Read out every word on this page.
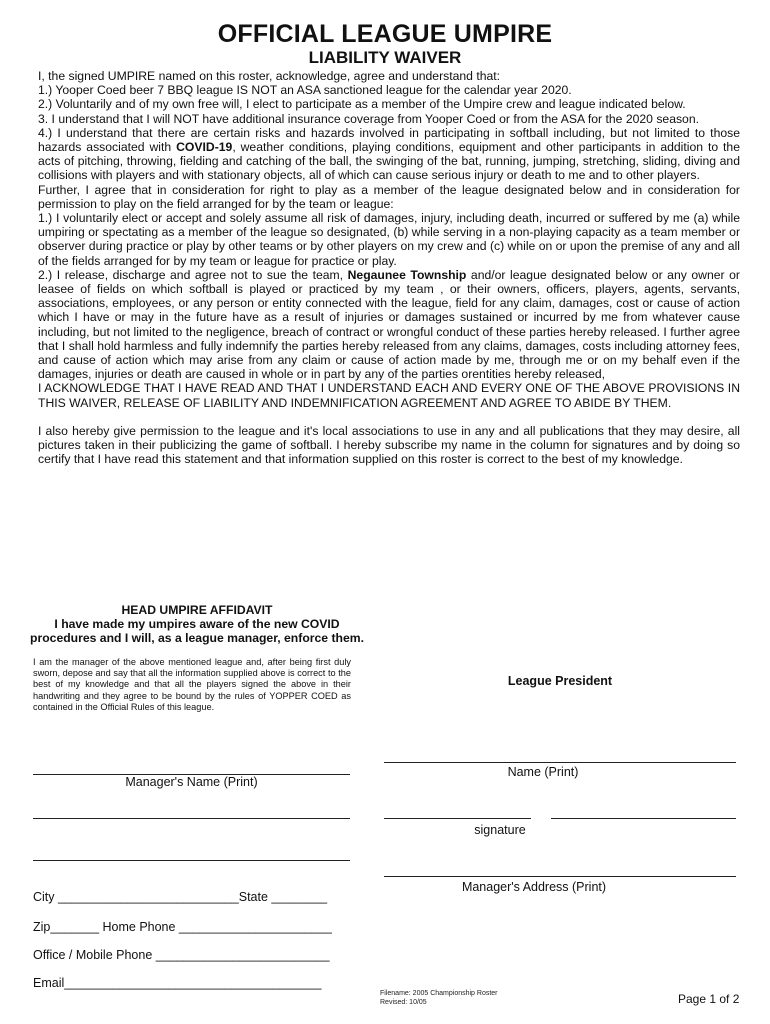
OFFICIAL LEAGUE UMPIRE
LIABILITY WAIVER

I, the signed UMPIRE named on this roster, acknowledge, agree and understand that:

1.) Yooper Coed beer 7 BBQ league IS NOT an ASA sanctioned league for the calendar year 2020.

2.) Voluntarily and of my own free will, I elect to participate as a member of the Umpire crew and league indicated below.

3. I understand that I will NOT have additional insurance coverage from Yooper Coed or from the ASA for the 2020 season.

4.) I understand that there are certain risks and hazards involved in participating in softball including, but not limited to those hazards associated with COVID-19, weather conditions, playing conditions, equipment and other participants in addition to the acts of pitching, throwing, fielding and catching of the ball, the swinging of the bat, running, jumping, stretching, sliding, diving and collisions with players and with stationary objects, all of which can cause serious injury or death to me and to other players.

Further, I agree that in consideration for right to play as a member of the league designated below and in consideration for permission to play on the field arranged for by the team or league:

1.) I voluntarily elect or accept and solely assume all risk of damages, injury, including death, incurred or suffered by me (a) while umpiring or spectating as a member of the league so designated, (b) while serving in a non-playing capacity as a team member or observer during practice or play by other teams or by other players on my crew and (c) while on or upon the premise of any and all of the fields arranged for by my team or league for practice or play.

2.) I release, discharge and agree not to sue the team, Negaunee Township and/or league designated below or any owner or leasee of fields on which softball is played or practiced by my team , or their owners, officers, players, agents, servants, associations, employees, or any person or entity connected with the league, field for any claim, damages, cost or cause of action which I have or may in the future have as a result of injuries or damages sustained or incurred by me from whatever cause including, but not limited to the negligence, breach of contract or wrongful conduct of these parties hereby released. I further agree that I shall hold harmless and fully indemnify the parties hereby released from any claims, damages, costs including attorney fees, and cause of action which may arise from any claim or cause of action made by me, through me or on my behalf even if the damages, injuries or death are caused in whole or in part by any of the parties orentities hereby released,

I ACKNOWLEDGE THAT I HAVE READ AND THAT I UNDERSTAND EACH AND EVERY ONE OF THE ABOVE PROVISIONS IN THIS WAIVER, RELEASE OF LIABILITY AND INDEMNIFICATION AGREEMENT AND AGREE TO ABIDE BY THEM.

I also hereby give permission to the league and it's local associations to use in any and all publications that they may desire, all pictures taken in their publicizing the game of softball. I hereby subscribe my name in the column for signatures and by doing so certify that I have read this statement and that information supplied on this roster is correct to the best of my knowledge.

HEAD UMPIRE AFFIDAVIT
I have made my umpires aware of the new COVID procedures and I will, as a league manager, enforce them.
I am the manager of the above mentioned league and, after being first duly sworn, depose and say that all the information supplied above is correct to the best of my knowledge and that all the players signed the above in their handwriting and they agree to be bound by the rules of YOPPER COED as contained in the Official Rules of this league.
League President
Manager's Name (Print)
Name (Print)
signature
Manager's Address (Print)
City __________________________State ________
Zip_______ Home Phone ______________________
Office / Mobile Phone _________________________
Email_____________________________________
Filename: 2005 Championship Roster
Revised: 10/05	Page 1 of 2
